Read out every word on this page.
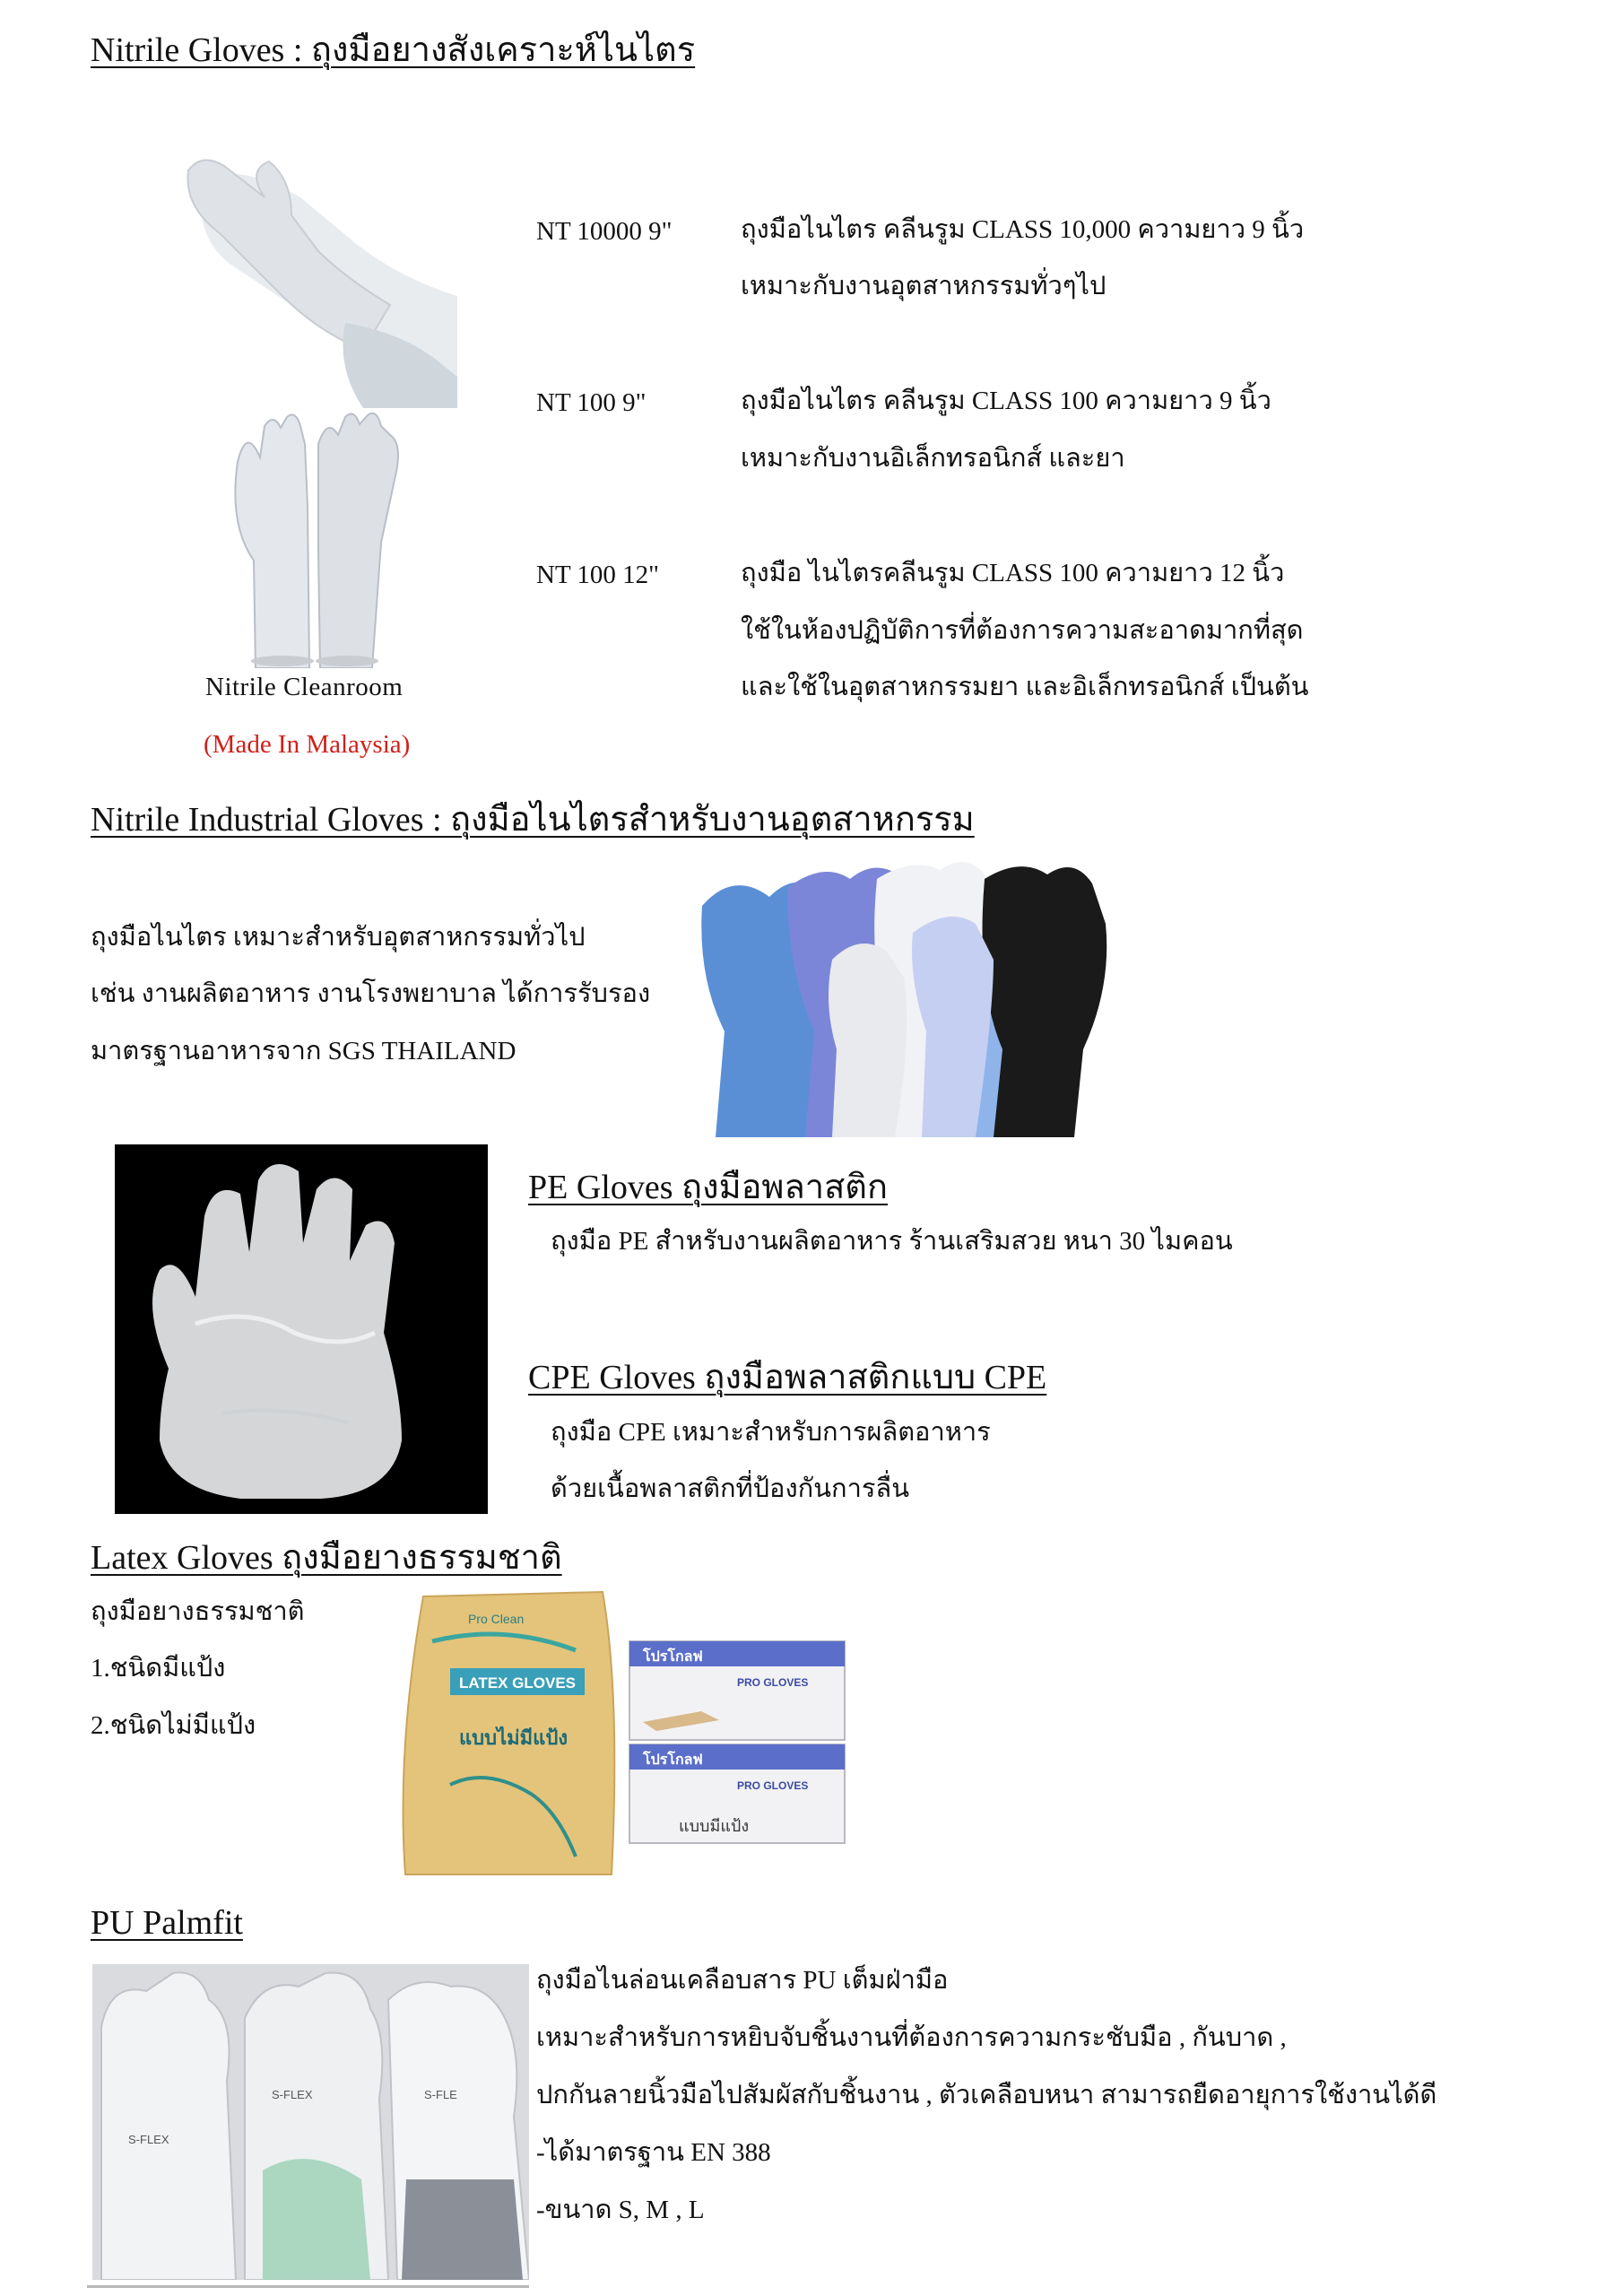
Nitrile Gloves : ถุงมือยางสังเคราะห์ไนไตร
Nitrile Cleanroom
(Made In Malaysia)
NT 10000 9"	ถุงมือไนไตร คลีนรูม CLASS 10,000 ความยาว 9 นิ้ว
เหมาะกับงานอุตสาหกรรมทั่วๆไป
NT 100 9"	ถุงมือไนไตร คลีนรูม CLASS 100 ความยาว 9 นิ้ว
เหมาะกับงานอิเล็กทรอนิกส์ และยา
NT 100 12"	ถุงมือ ไนไตรคลีนรูม CLASS 100 ความยาว 12 นิ้ว
ใช้ในห้องปฏิบัติการที่ต้องการความสะอาดมากที่สุด
และใช้ในอุตสาหกรรมยา และอิเล็กทรอนิกส์ เป็นต้น
Nitrile Industrial Gloves : ถุงมือไนไตรสำหรับงานอุตสาหกรรม
ถุงมือไนไตร เหมาะสำหรับอุตสาหกรรมทั่วไป
เช่น งานผลิตอาหาร งานโรงพยาบาล ได้การรับรอง
มาตรฐานอาหารจาก SGS THAILAND
PE Gloves ถุงมือพลาสติก
ถุงมือ PE สำหรับงานผลิตอาหาร ร้านเสริมสวย หนา 30 ไมคอน
CPE Gloves ถุงมือพลาสติกแบบ CPE
ถุงมือ CPE เหมาะสำหรับการผลิตอาหาร
ด้วยเนื้อพลาสติกที่ป้องกันการลื่น
Latex Gloves ถุงมือยางธรรมชาติ
ถุงมือยางธรรมชาติ
1.ชนิดมีแป้ง
2.ชนิดไม่มีแป้ง
LATEX GLOVES
Pro Clean
แบบไม่มีแป้ง
โปรโกลฟ
PRO GLOVES
โปรโกลฟ
PRO GLOVES
แบบมีแป้ง
PU Palmfit
S-FLEX
S-FLEX	S-FLE
ถุงมือไนล่อนเคลือบสาร PU เต็มฝ่ามือ
เหมาะสำหรับการหยิบจับชิ้นงานที่ต้องการความกระชับมือ , กันบาด ,
ปกกันลายนิ้วมือไปสัมผัสกับชิ้นงาน , ตัวเคลือบหนา สามารถยืดอายุการใช้งานได้ดี
-ได้มาตรฐาน EN 388
-ขนาด S, M , L
